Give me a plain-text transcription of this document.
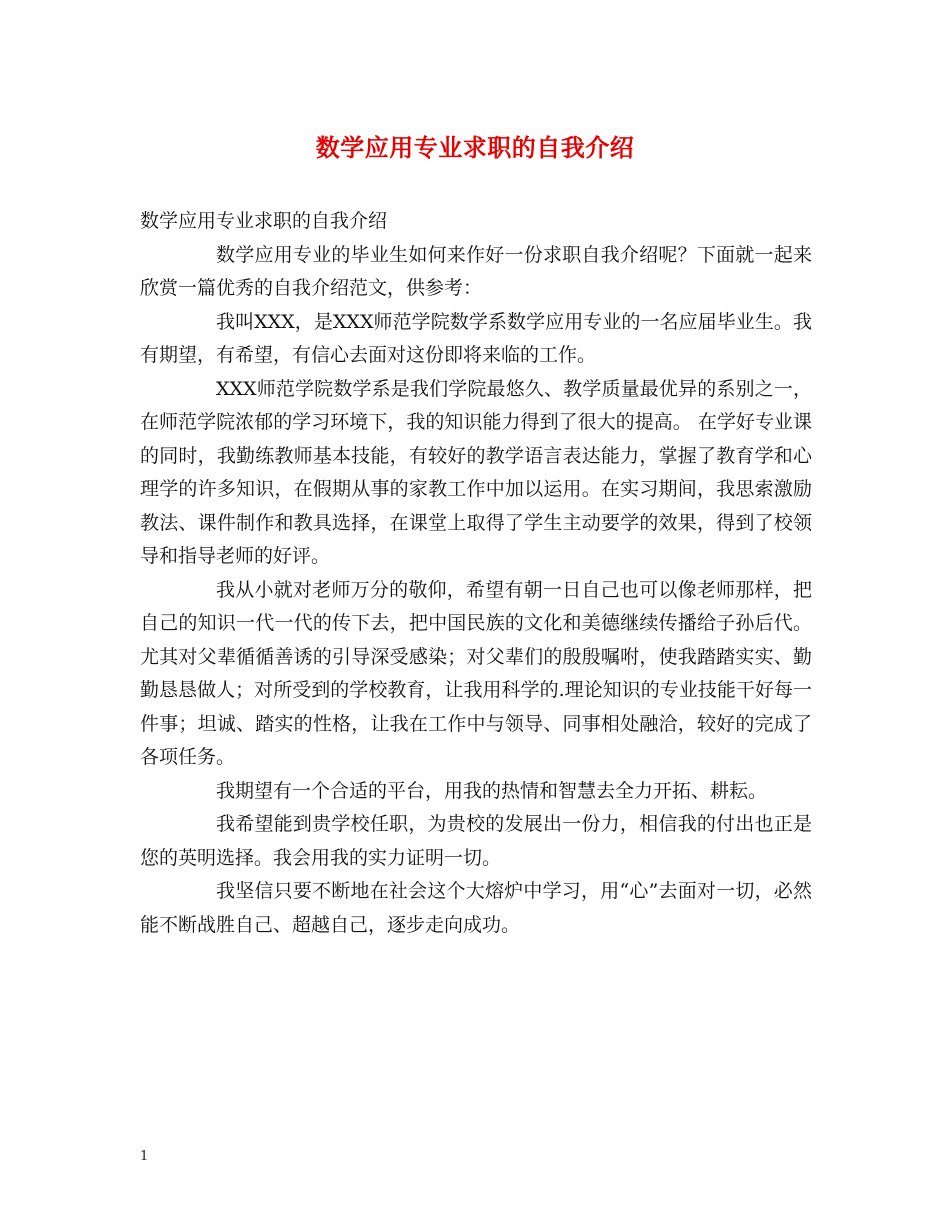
数学应用专业求职的自我介绍

数学应用专业求职的自我介绍

数学应用专业的毕业生如何来作好一份求职自我介绍呢？下面就一起来欣赏一篇优秀的自我介绍范文，供参考：

我叫XXX，是XXX师范学院数学系数学应用专业的一名应届毕业生。我有期望，有希望，有信心去面对这份即将来临的工作。

XXX师范学院数学系是我们学院最悠久、教学质量最优异的系别之一，在师范学院浓郁的学习环境下，我的知识能力得到了很大的提高。 在学好专业课的同时，我勤练教师基本技能，有较好的教学语言表达能力，掌握了教育学和心理学的许多知识，在假期从事的家教工作中加以运用。在实习期间，我思索激励教法、课件制作和教具选择，在课堂上取得了学生主动要学的效果，得到了校领导和指导老师的好评。

我从小就对老师万分的敬仰，希望有朝一日自己也可以像老师那样，把自己的知识一代一代的传下去，把中国民族的文化和美德继续传播给子孙后代。尤其对父辈循循善诱的引导深受感染；对父辈们的殷殷嘱咐，使我踏踏实实、勤勤恳恳做人；对所受到的学校教育，让我用科学的.理论知识的专业技能干好每一件事；坦诚、踏实的性格，让我在工作中与领导、同事相处融洽，较好的完成了各项任务。

我期望有一个合适的平台，用我的热情和智慧去全力开拓、耕耘。

我希望能到贵学校任职，为贵校的发展出一份力，相信我的付出也正是您的英明选择。我会用我的实力证明一切。

我坚信只要不断地在社会这个大熔炉中学习，用“心”去面对一切，必然能不断战胜自己、超越自己，逐步走向成功。

1
